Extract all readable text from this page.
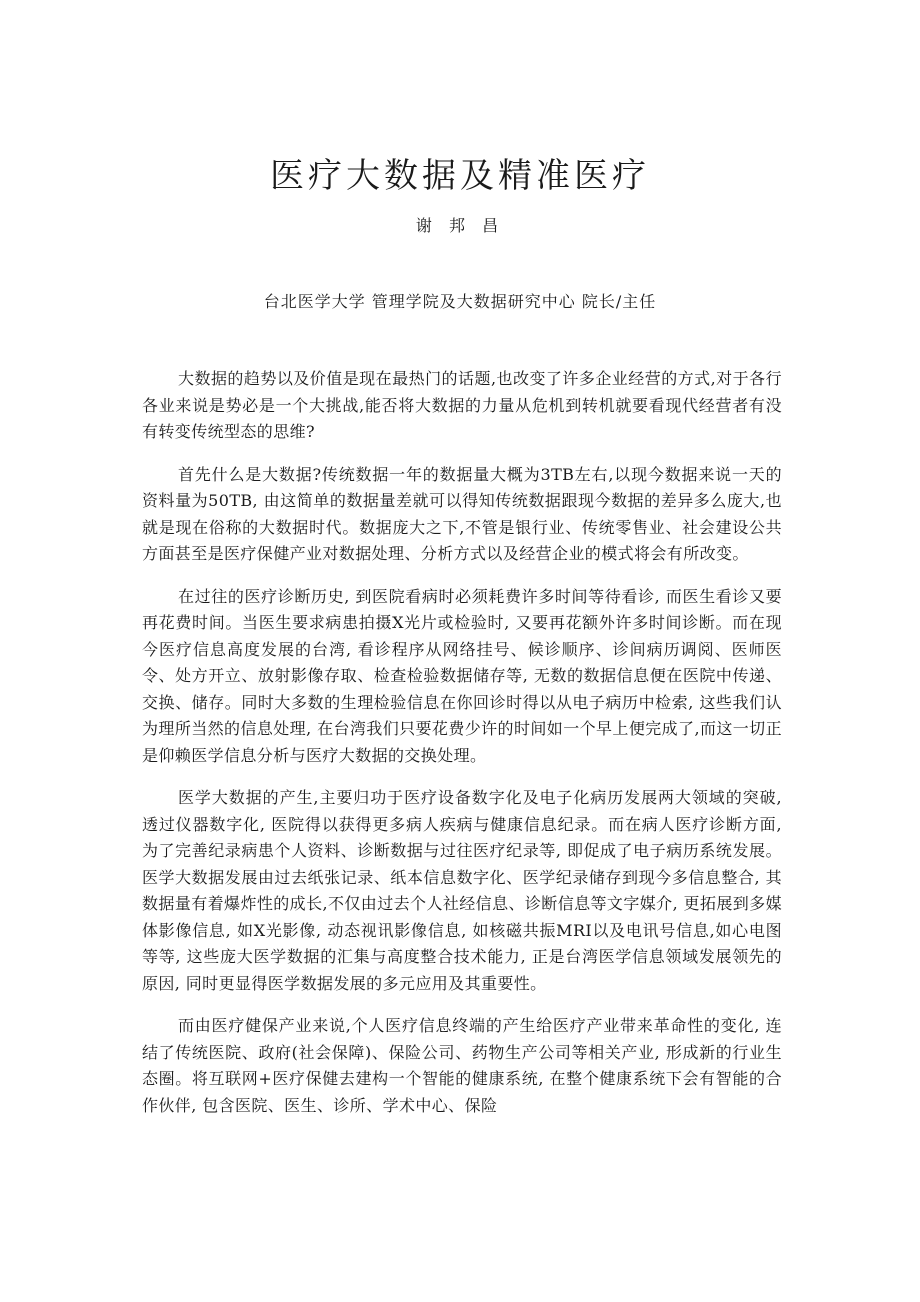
医疗大数据及精准医疗
谢 邦 昌
台北医学大学 管理学院及大数据研究中心 院长/主任

大数据的趋势以及价值是现在最热门的话题,也改变了许多企业经营的方式,对于各行各业来说是势必是一个大挑战,能否将大数据的力量从危机到转机就要看现代经营者有没有转变传统型态的思维?

首先什么是大数据?传统数据一年的数据量大概为3TB左右,以现今数据来说一天的资料量为50TB, 由这简单的数据量差就可以得知传统数据跟现今数据的差异多么庞大,也就是现在俗称的大数据时代。数据庞大之下,不管是银行业、传统零售业、社会建设公共方面甚至是医疗保健产业对数据处理、分析方式以及经营企业的模式将会有所改变。

在过往的医疗诊断历史, 到医院看病时必须耗费许多时间等待看诊, 而医生看诊又要再花费时间。当医生要求病患拍摄X光片或检验时, 又要再花额外许多时间诊断。而在现今医疗信息高度发展的台湾, 看诊程序从网络挂号、候诊顺序、诊间病历调阅、医师医令、处方开立、放射影像存取、检查检验数据储存等, 无数的数据信息便在医院中传递、交换、储存。同时大多数的生理检验信息在你回诊时得以从电子病历中检索, 这些我们认为理所当然的信息处理, 在台湾我们只要花费少许的时间如一个早上便完成了,而这一切正是仰赖医学信息分析与医疗大数据的交换处理。

医学大数据的产生,主要归功于医疗设备数字化及电子化病历发展两大领域的突破, 透过仪器数字化, 医院得以获得更多病人疾病与健康信息纪录。而在病人医疗诊断方面, 为了完善纪录病患个人资料、诊断数据与过往医疗纪录等, 即促成了电子病历系统发展。医学大数据发展由过去纸张记录、纸本信息数字化、医学纪录储存到现今多信息整合, 其数据量有着爆炸性的成长,不仅由过去个人社经信息、诊断信息等文字媒介, 更拓展到多媒体影像信息, 如X光影像, 动态视讯影像信息, 如核磁共振MRI以及电讯号信息,如心电图等等, 这些庞大医学数据的汇集与高度整合技术能力, 正是台湾医学信息领域发展领先的原因, 同时更显得医学数据发展的多元应用及其重要性。

而由医疗健保产业来说,个人医疗信息终端的产生给医疗产业带来革命性的变化, 连结了传统医院、政府(社会保障)、保险公司、药物生产公司等相关产业, 形成新的行业生态圈。将互联网+医疗保健去建构一个智能的健康系统, 在整个健康系统下会有智能的合作伙伴, 包含医院、医生、诊所、学术中心、保险
